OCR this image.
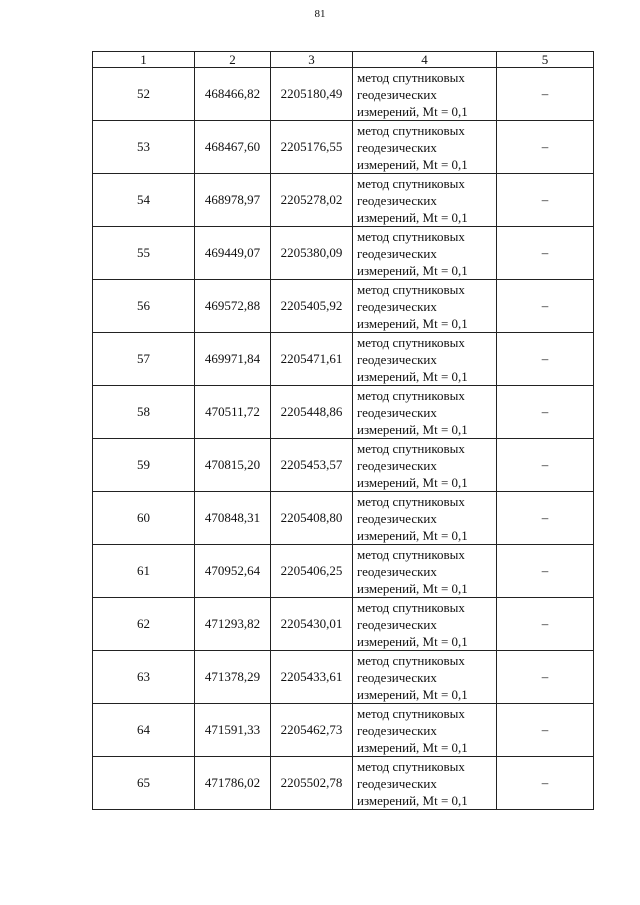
81
1	2	3	4	5
52	468466,82	2205180,49	метод спутниковых
геодезических
измерений, Mt = 0,1	–
53	468467,60	2205176,55	метод спутниковых
геодезических
измерений, Mt = 0,1	–
54	468978,97	2205278,02	метод спутниковых
геодезических
измерений, Mt = 0,1	–
55	469449,07	2205380,09	метод спутниковых
геодезических
измерений, Mt = 0,1	–
56	469572,88	2205405,92	метод спутниковых
геодезических
измерений, Mt = 0,1	–
57	469971,84	2205471,61	метод спутниковых
геодезических
измерений, Mt = 0,1	–
58	470511,72	2205448,86	метод спутниковых
геодезических
измерений, Mt = 0,1	–
59	470815,20	2205453,57	метод спутниковых
геодезических
измерений, Mt = 0,1	–
60	470848,31	2205408,80	метод спутниковых
геодезических
измерений, Mt = 0,1	–
61	470952,64	2205406,25	метод спутниковых
геодезических
измерений, Mt = 0,1	–
62	471293,82	2205430,01	метод спутниковых
геодезических
измерений, Mt = 0,1	–
63	471378,29	2205433,61	метод спутниковых
геодезических
измерений, Mt = 0,1	–
64	471591,33	2205462,73	метод спутниковых
геодезических
измерений, Mt = 0,1	–
65	471786,02	2205502,78	метод спутниковых
геодезических
измерений, Mt = 0,1	–
